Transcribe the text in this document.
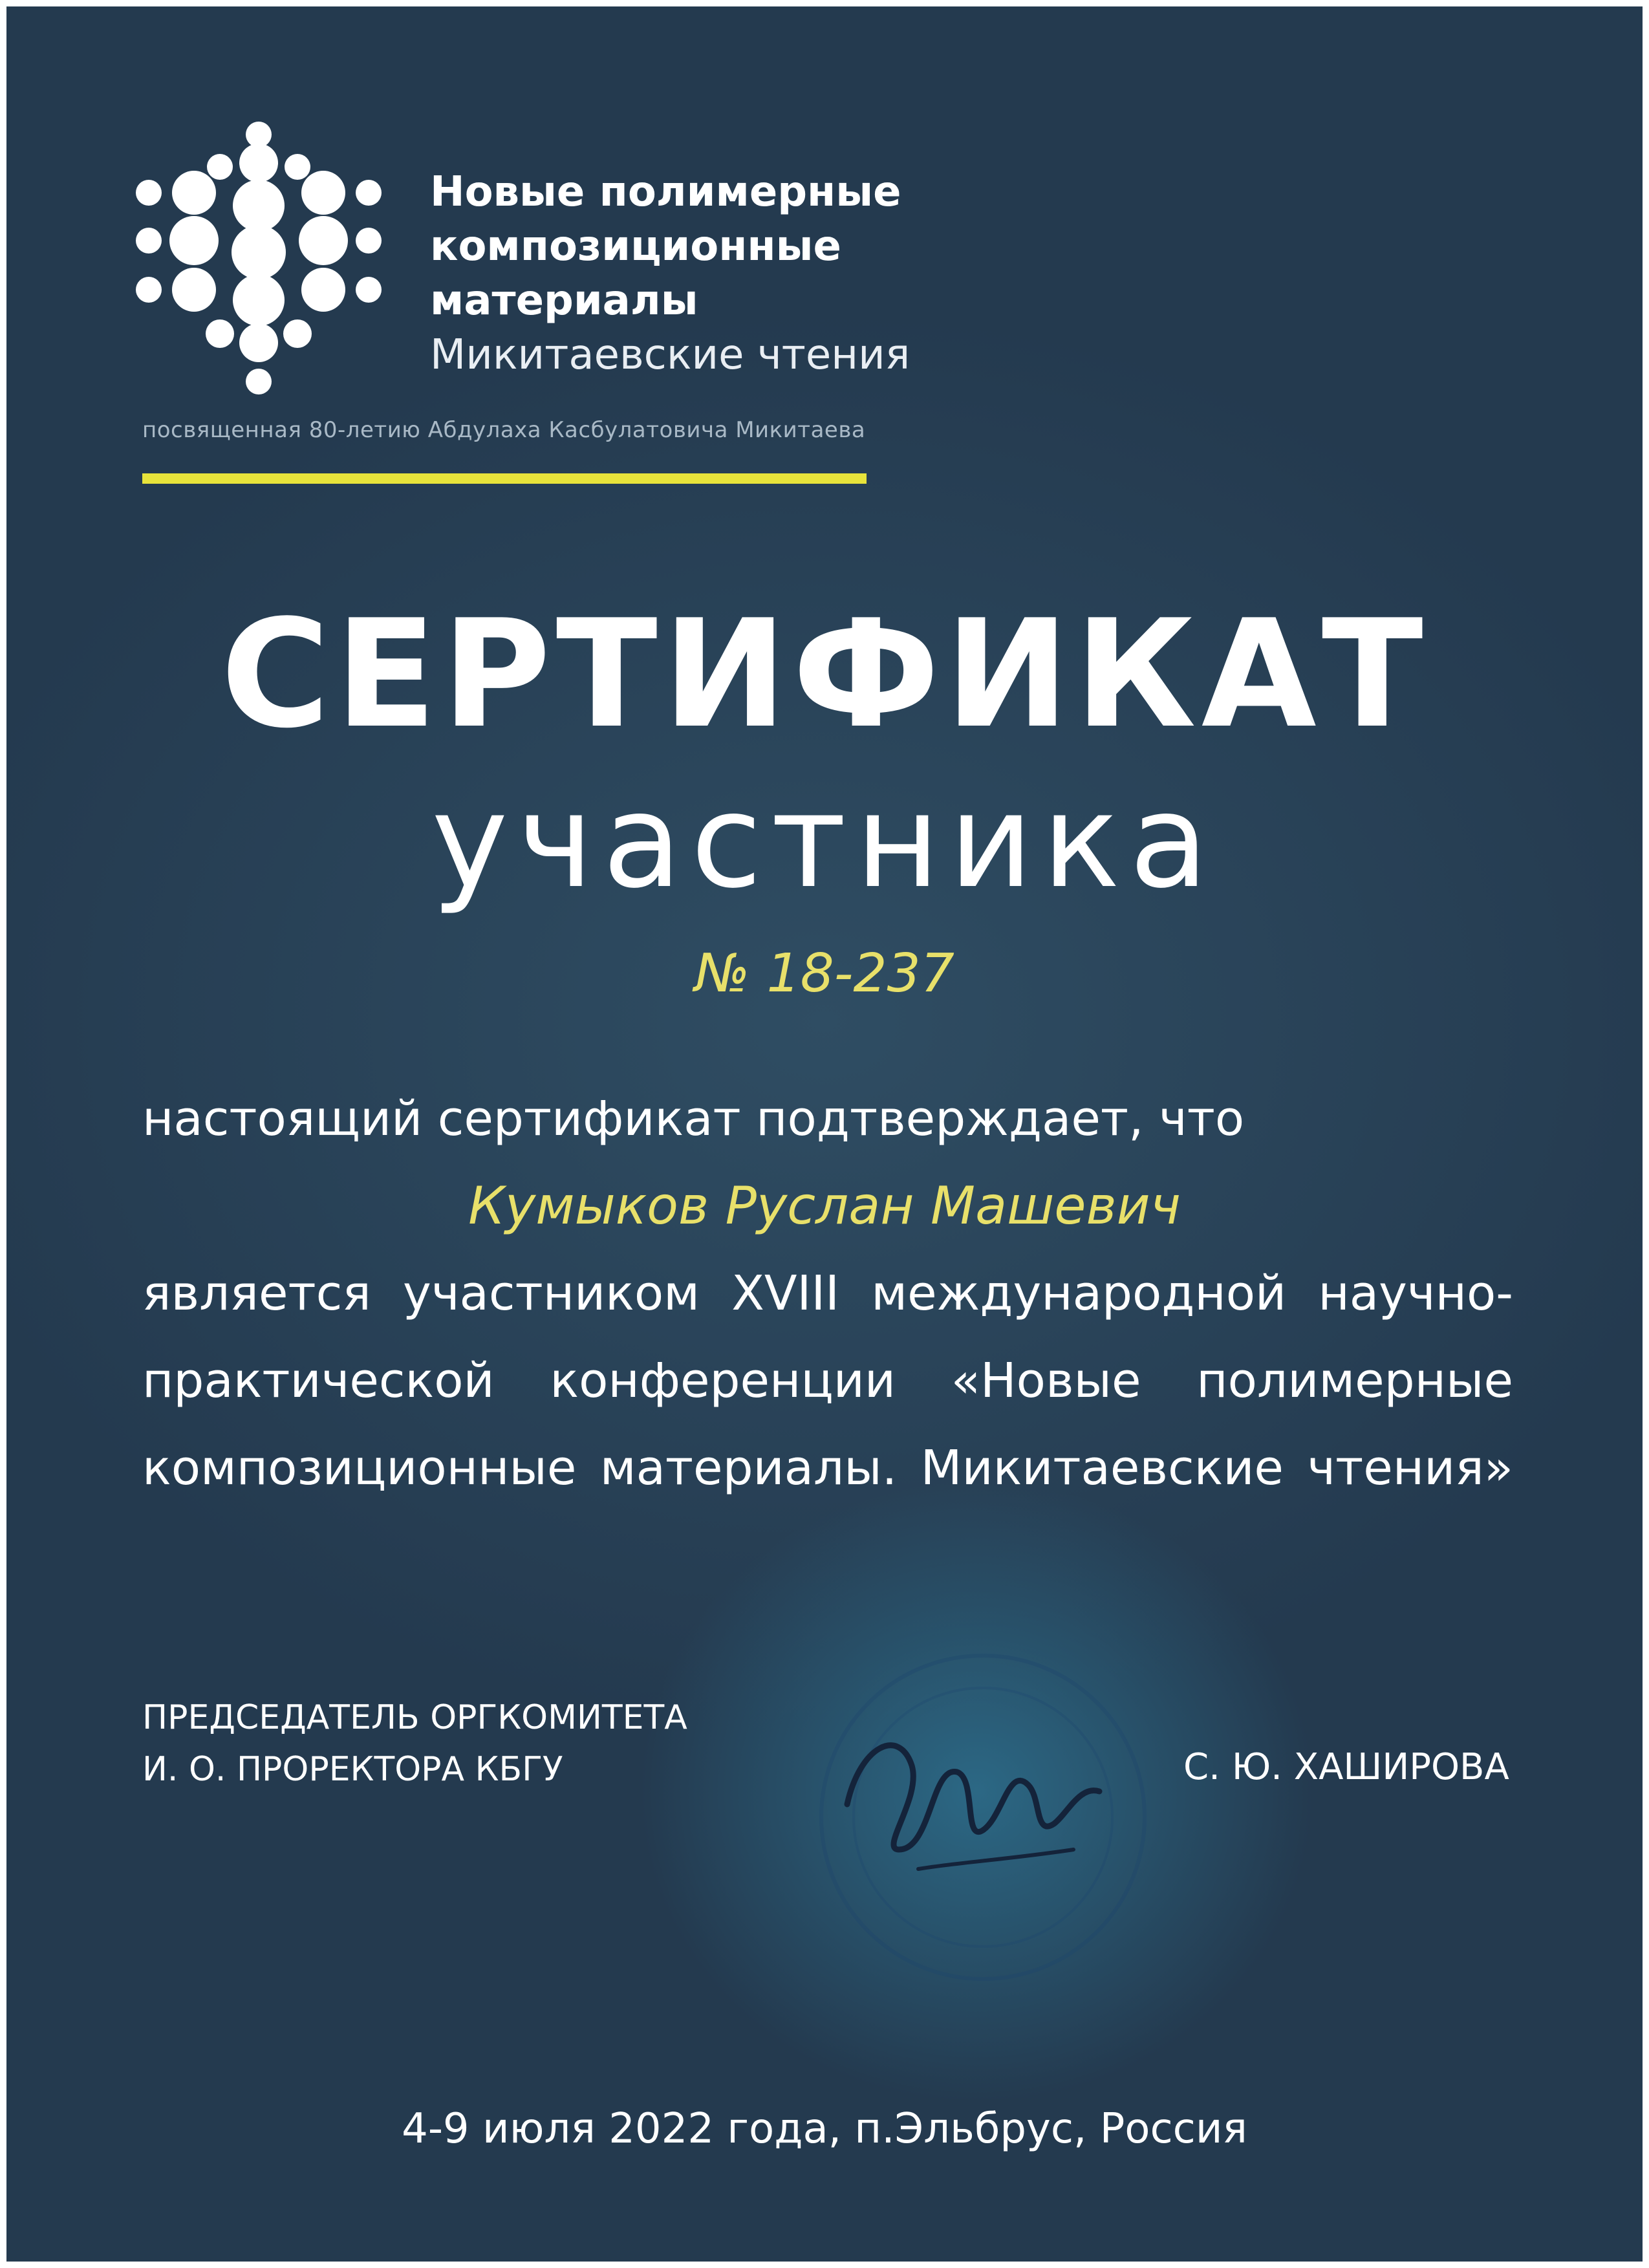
Новые полимерные

композиционные

материалы

Микитаевские чтения

посвященная 80-летию Абдулаха Касбулатовича Микитаева
СЕРТИФИКАТ
участника
№ 18-237
настоящий сертификат подтверждает, что
Кумыков Руслан Машевич
является участником XVIII международной научно-
практической конференции «Новые полимерные
композиционные материалы. Микитаевские чтения»
ПРЕДСЕДАТЕЛЬ ОРГКОМИТЕТА
И. О. ПРОРЕКТОРА КБГУ	С. Ю. ХАШИРОВА
4-9 июля 2022 года, п.Эльбрус, Россия
